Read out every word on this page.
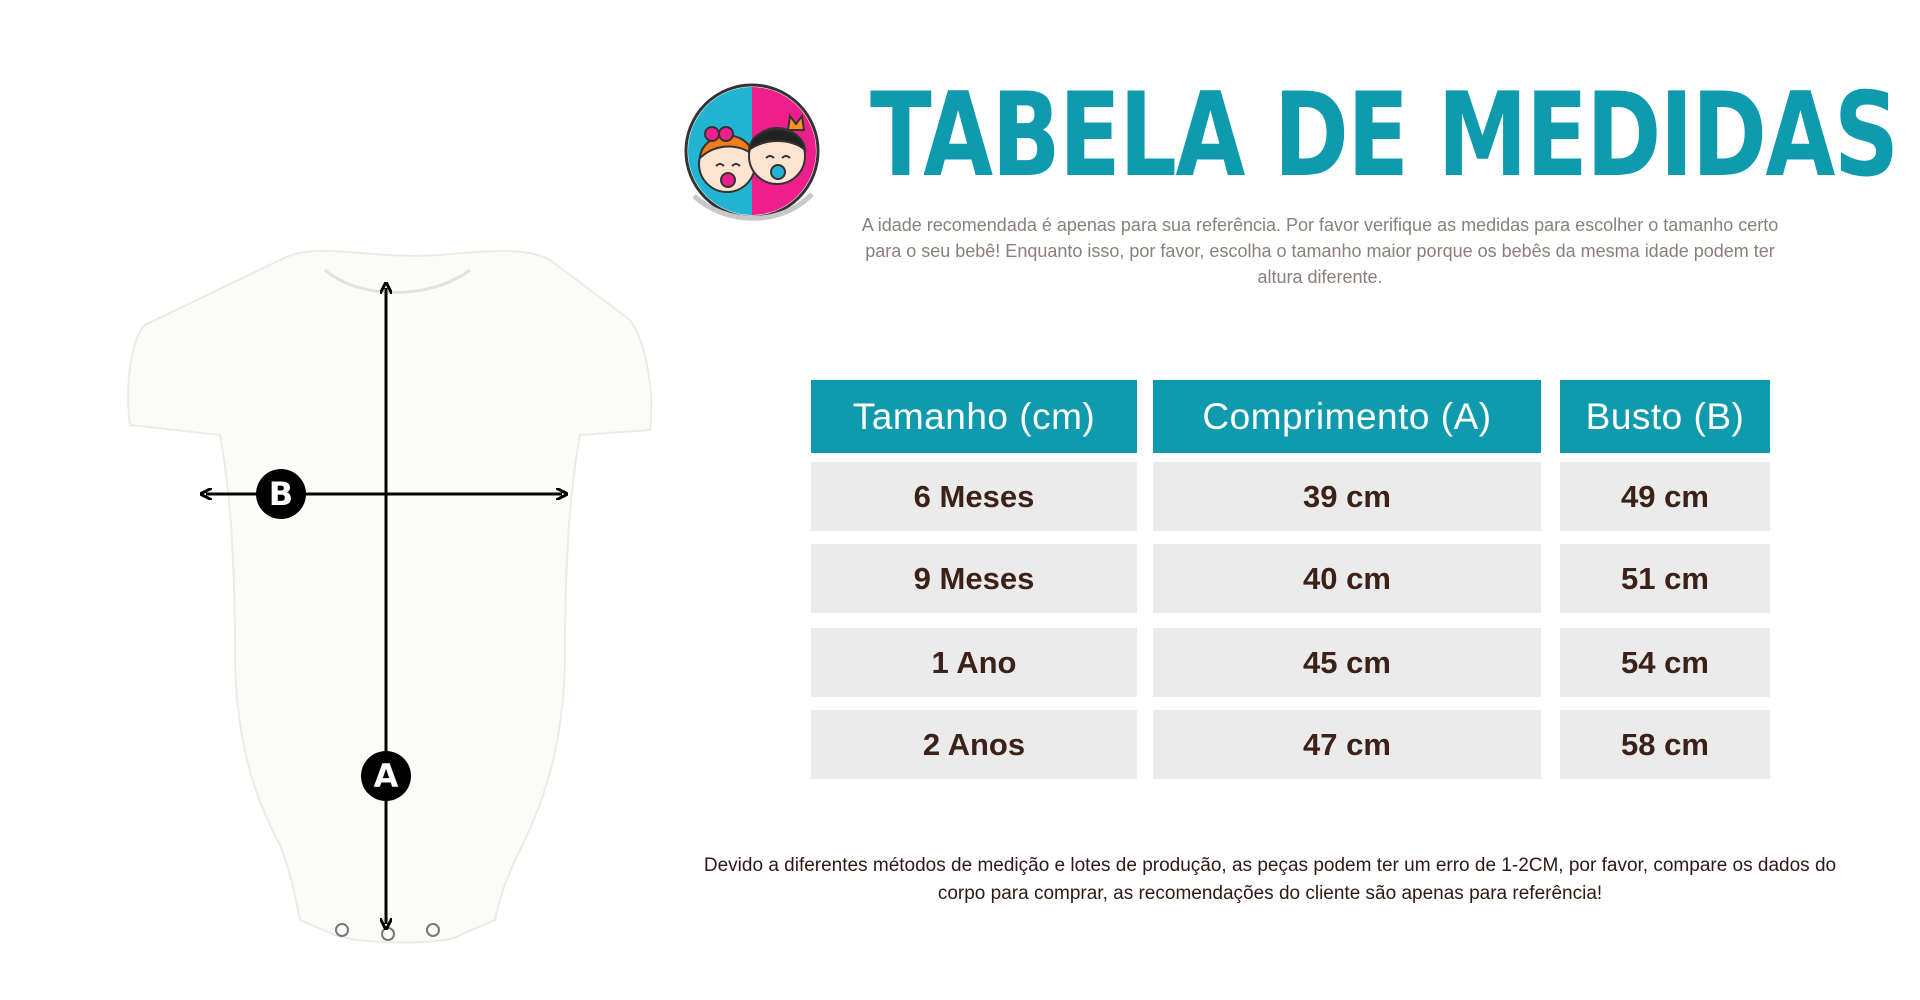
B
A
TABELA DE MEDIDAS
A idade recomendada é apenas para sua referência. Por favor verifique as medidas para escolher o tamanho certo para o seu bebê! Enquanto isso, por favor, escolha o tamanho maior porque os bebês da mesma idade podem ter altura diferente.
Tamanho (cm)	Comprimento (A)	Busto (B)
6 Meses	39 cm	49 cm
9 Meses	40 cm	51 cm
1 Ano	45 cm	54 cm
2 Anos	47 cm	58 cm
Devido a diferentes métodos de medição e lotes de produção, as peças podem ter um erro de 1-2CM, por favor, compare os dados do corpo para comprar, as recomendações do cliente são apenas para referência!
